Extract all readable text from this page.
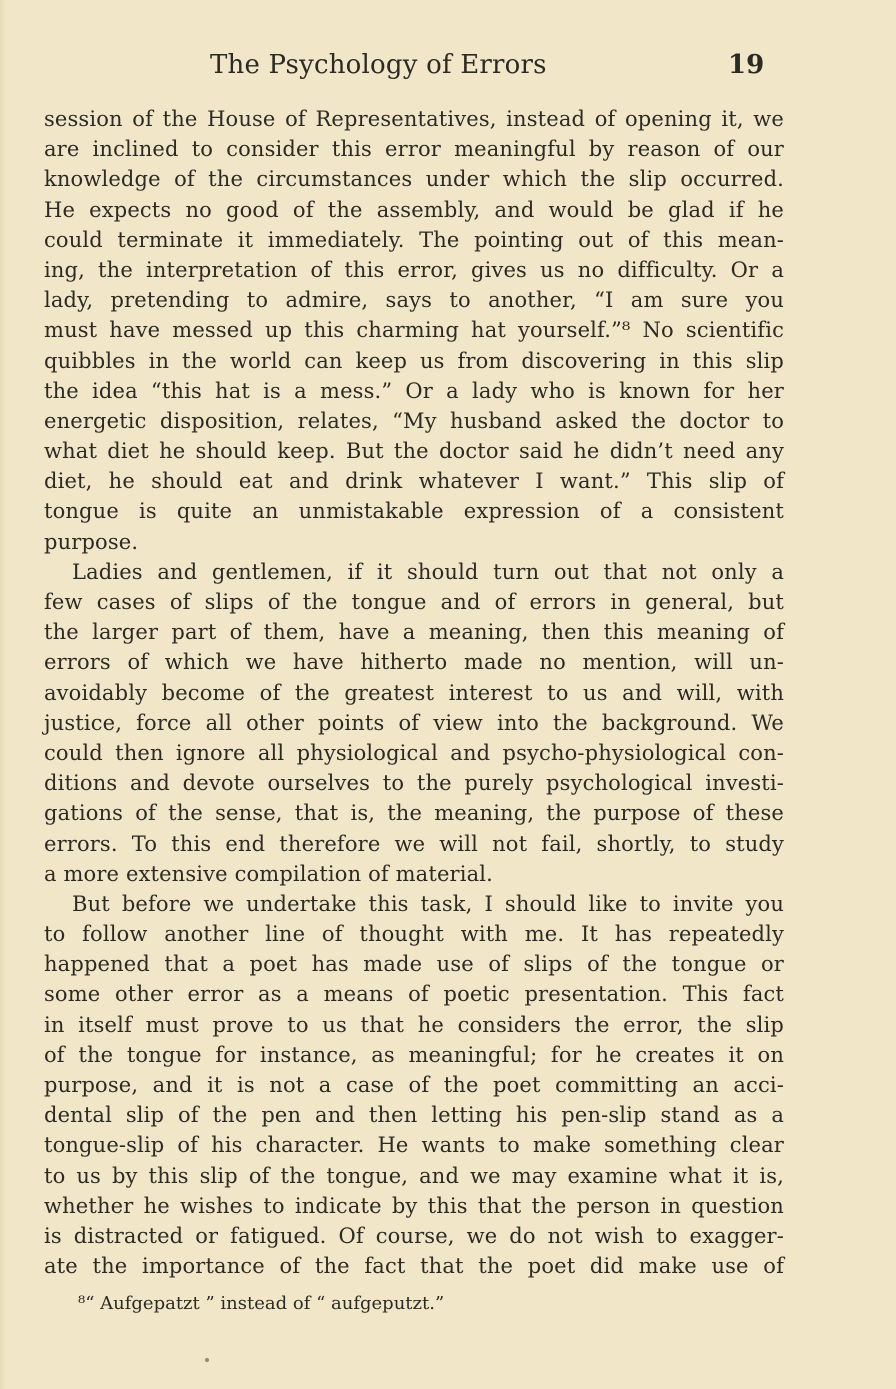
The Psychology of Errors	19
session of the House of Representatives, instead of opening it, we
are inclined to consider this error meaningful by reason of our
knowledge of the circumstances under which the slip occurred.
He expects no good of the assembly, and would be glad if he
could terminate it immediately. The pointing out of this mean-
ing, the interpretation of this error, gives us no difficulty. Or a
lady, pretending to admire, says to another, “I am sure you
must have messed up this charming hat yourself.”⁸ No scientific
quibbles in the world can keep us from discovering in this slip
the idea “this hat is a mess.” Or a lady who is known for her
energetic disposition, relates, “My husband asked the doctor to
what diet he should keep. But the doctor said he didn’t need any
diet, he should eat and drink whatever I want.” This slip of
tongue is quite an unmistakable expression of a consistent
purpose.
Ladies and gentlemen, if it should turn out that not only a
few cases of slips of the tongue and of errors in general, but
the larger part of them, have a meaning, then this meaning of
errors of which we have hitherto made no mention, will un-
avoidably become of the greatest interest to us and will, with
justice, force all other points of view into the background. We
could then ignore all physiological and psycho-physiological con-
ditions and devote ourselves to the purely psychological investi-
gations of the sense, that is, the meaning, the purpose of these
errors. To this end therefore we will not fail, shortly, to study
a more extensive compilation of material.
But before we undertake this task, I should like to invite you
to follow another line of thought with me. It has repeatedly
happened that a poet has made use of slips of the tongue or
some other error as a means of poetic presentation. This fact
in itself must prove to us that he considers the error, the slip
of the tongue for instance, as meaningful; for he creates it on
purpose, and it is not a case of the poet committing an acci-
dental slip of the pen and then letting his pen-slip stand as a
tongue-slip of his character. He wants to make something clear
to us by this slip of the tongue, and we may examine what it is,
whether he wishes to indicate by this that the person in question
is distracted or fatigued. Of course, we do not wish to exagger-
ate the importance of the fact that the poet did make use of
⁸“ Aufgepatzt ” instead of “ aufgeputzt.”
